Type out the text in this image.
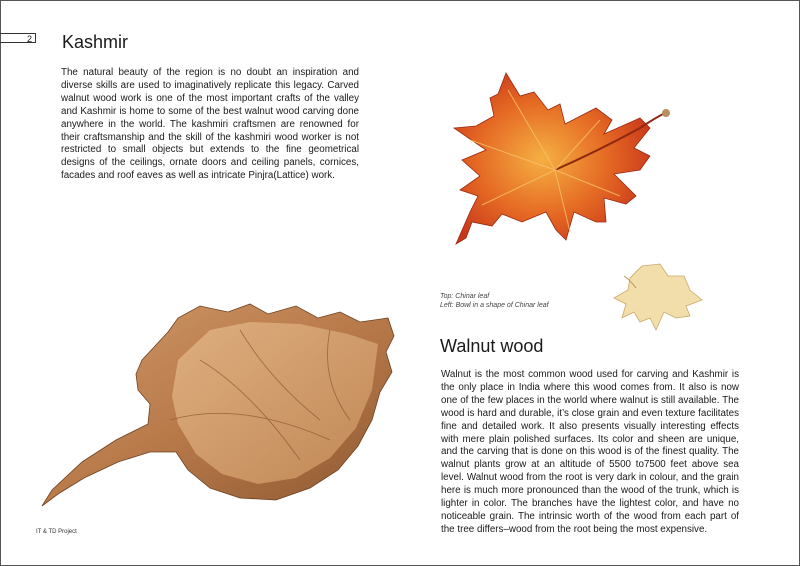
2 Kashmir

The natural beauty of the region is no doubt an inspiration and diverse skills are used to imaginatively replicate this legacy. Carved walnut wood work is one of the most important crafts of the valley and Kashmir is home to some of the best walnut wood carving done anywhere in the world. The kashmiri craftsmen are renowned for their craftsmanship and the skill of the kashmiri wood worker is not restricted to small objects but extends to the fine geometrical designs of the ceilings, ornate doors and ceiling panels, cornices, facades and roof eaves as well as intricate Pinjra(Lattice) work.

Top: Chinar leaf
Left: Bowl in a shape of Chinar leaf
Walnut wood

Walnut is the most common wood used for carving and Kashmir is the only place in India where this wood comes from. It also is now one of the few places in the world where walnut is still available. The wood is hard and durable, it’s close grain and even texture facilitates fine and detailed work. It also presents visually interesting effects with mere plain polished surfaces. Its color and sheen are unique, and the carving that is done on this wood is of the finest quality. The walnut plants grow at an altitude of 5500 to7500 feet above sea level. Walnut wood from the root is very dark in colour, and the grain here is much more pronounced than the wood of the trunk, which is lighter in color. The branches have the lightest color, and have no noticeable grain. The intrinsic worth of the wood from each part of the tree differs–wood from the root being the most expensive.

IT & TD Project
